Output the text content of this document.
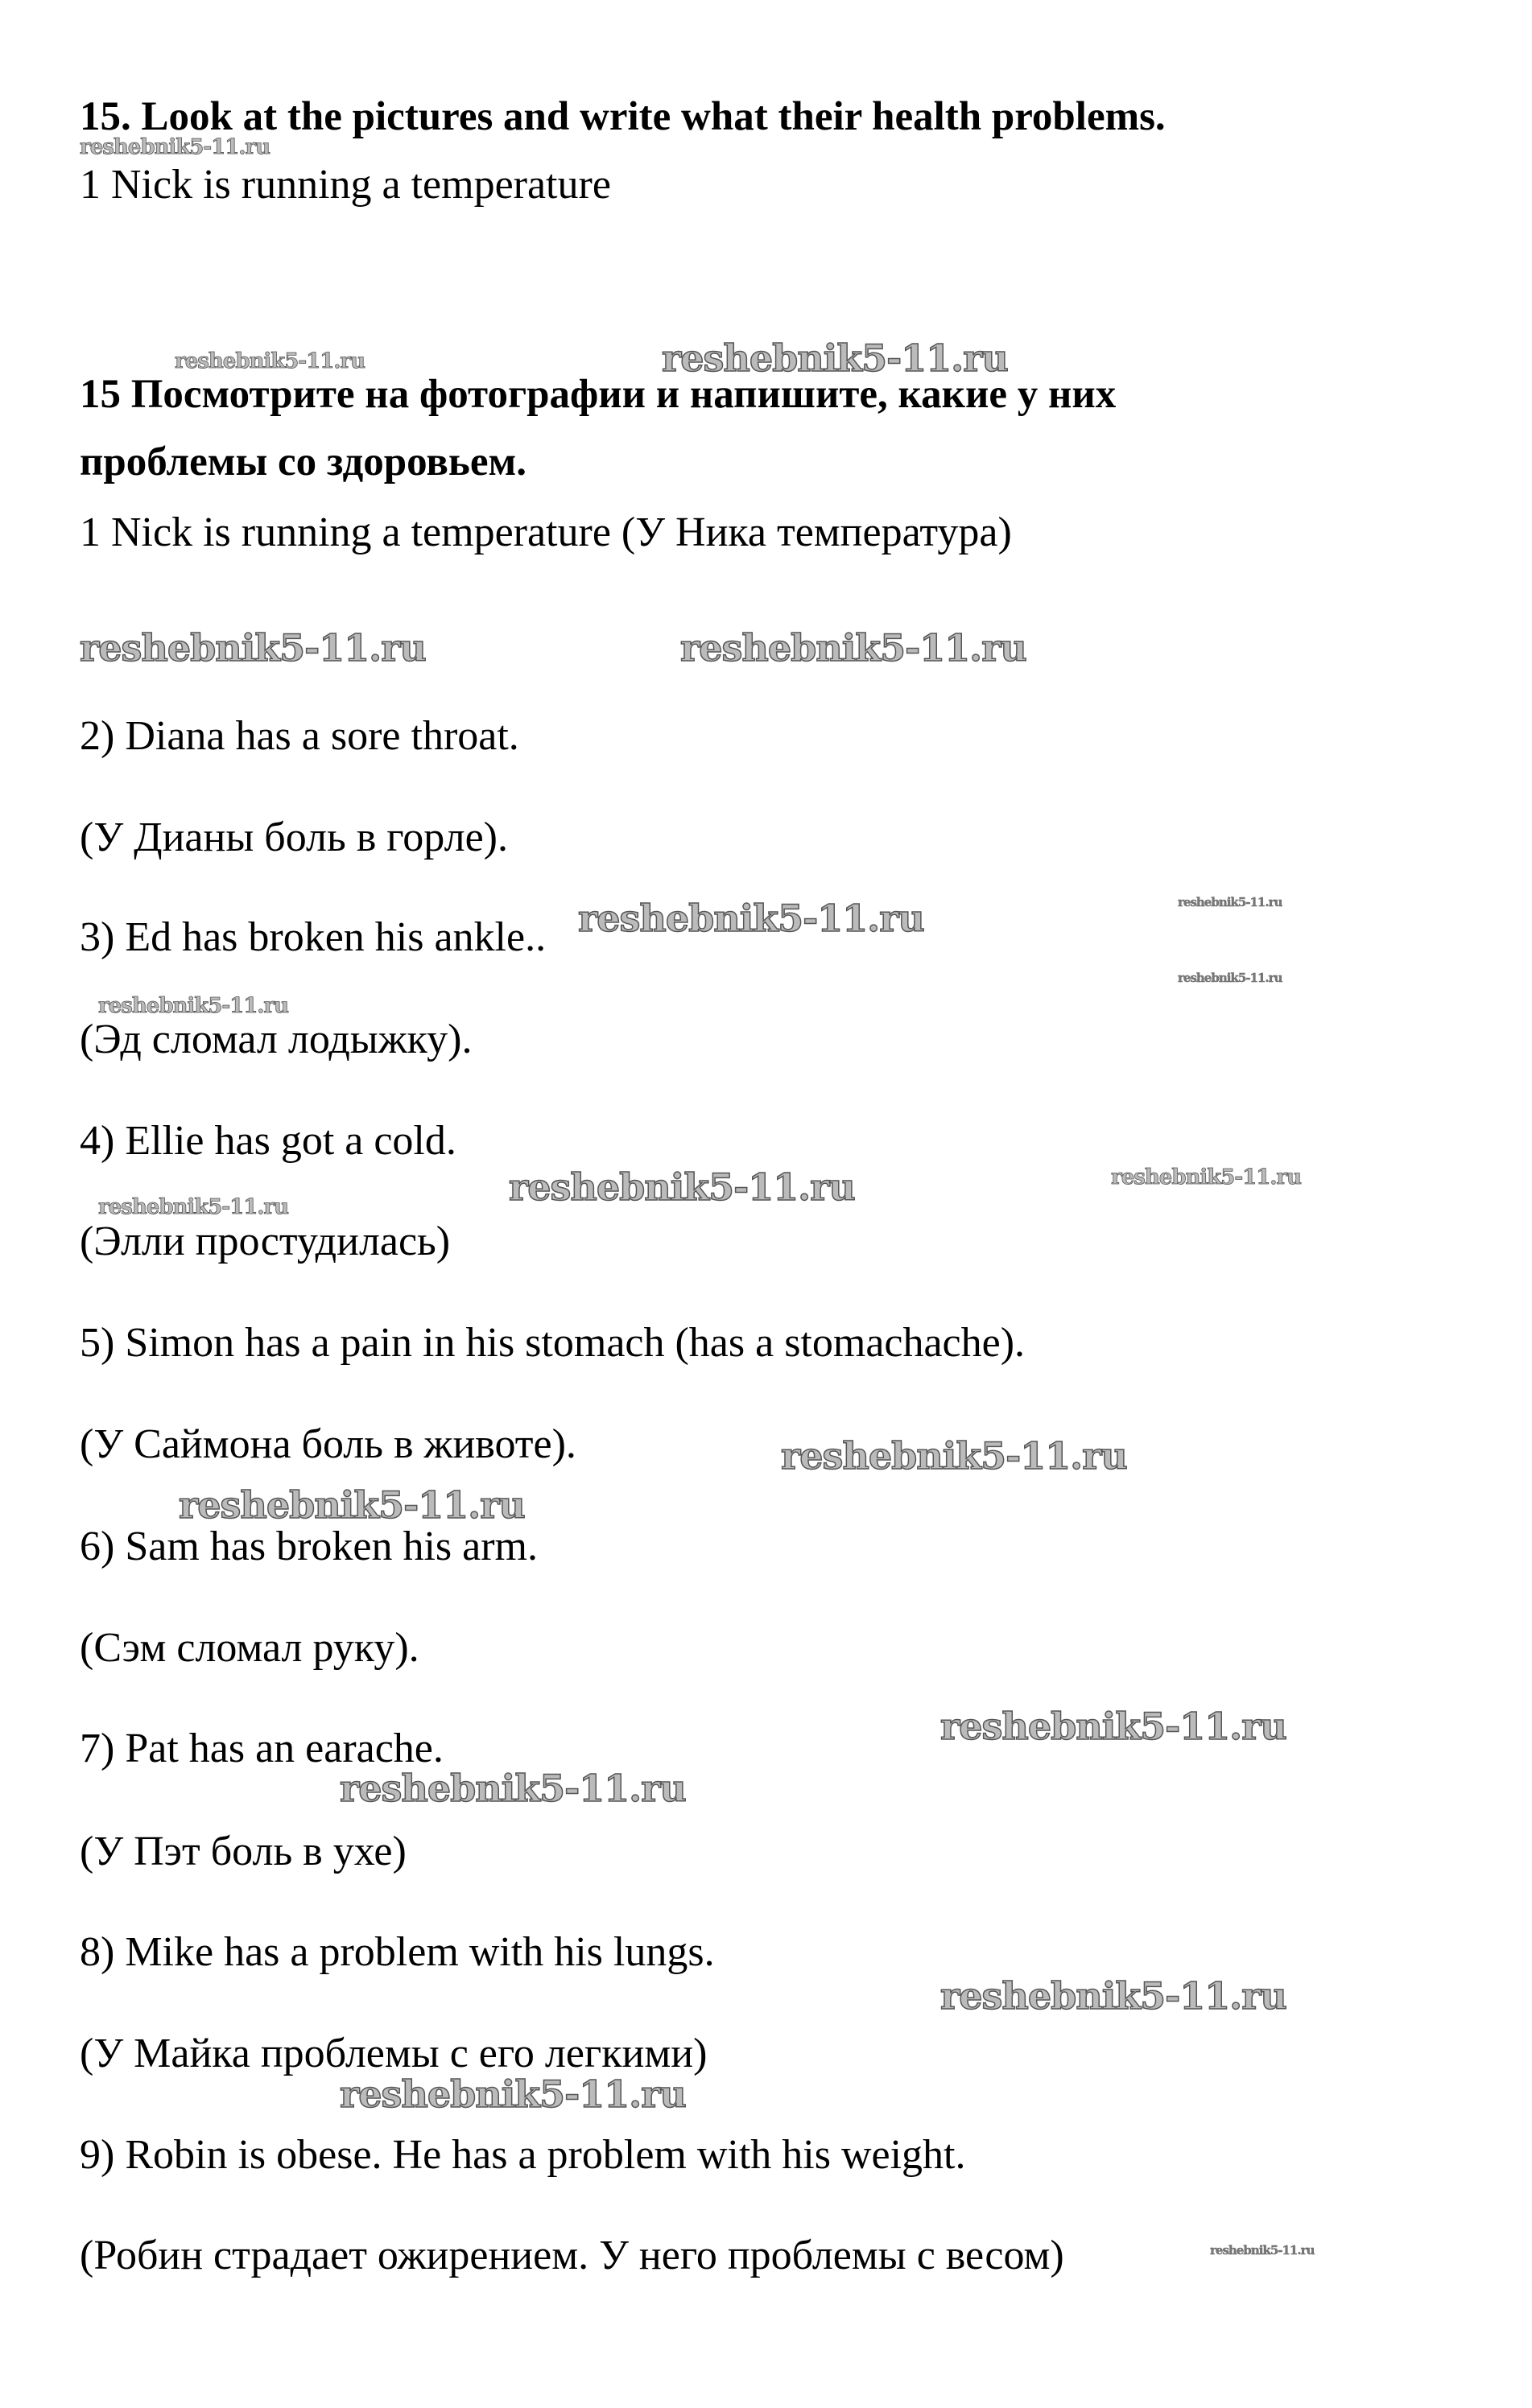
15. Look at the pictures and write what their health problems.
1 Nick is running a temperature
15 Посмотрите на фотографии и напишите, какие у них
проблемы со здоровьем.
1 Nick is running a temperature (У Ника температура)
2) Diana has a sore throat.
(У Дианы боль в горле).
3) Ed has broken his ankle..
(Эд сломал лодыжку).
4) Ellie has got a cold.
(Элли простудилась)
5) Simon has a pain in his stomach (has a stomachache).
(У Саймона боль в животе).
6) Sam has broken his arm.
(Сэм сломал руку).
7) Pat has an earache.
(У Пэт боль в ухе)
8) Mike has a problem with his lungs.
(У Майка проблемы с его легкими)
9) Robin is obese. He has a problem with his weight.
(Робин страдает ожирением. У него проблемы с весом)
reshebnik5-11.ru
reshebnik5-11.ru	reshebnik5-11.ru
reshebnik5-11.ru	reshebnik5-11.ru
reshebnik5-11.ru	reshebnik5-11.ru
reshebnik5-11.ru
reshebnik5-11.ru
reshebnik5-11.ru	reshebnik5-11.ru
reshebnik5-11.ru
reshebnik5-11.ru
reshebnik5-11.ru
reshebnik5-11.ru
reshebnik5-11.ru
reshebnik5-11.ru
reshebnik5-11.ru
reshebnik5-11.ru
